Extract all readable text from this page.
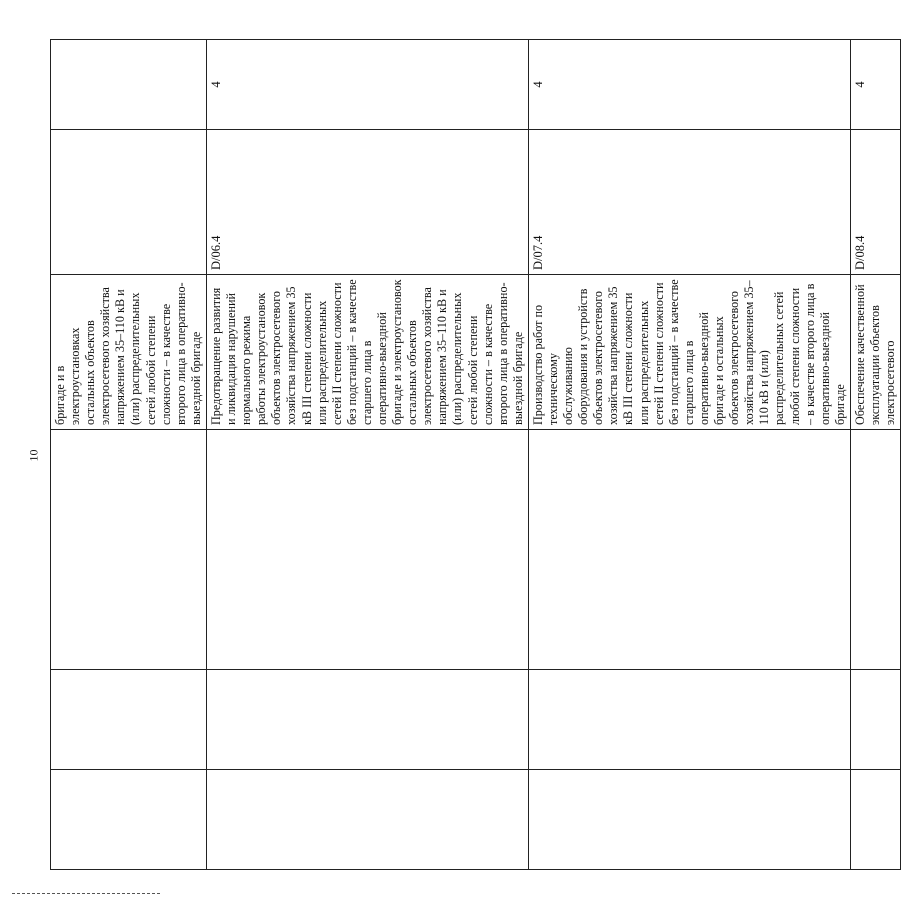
10

			бригаде и в электроустановках остальных объектов электросетевого хозяйства напряжением 35–110 кВ и (или) распределительных сетей любой степени сложности – в качестве второго лица в оперативно-выездной бригаде		

			Предотвращение развития и ликвидация нарушений нормального режима работы электроустановок объектов электросетевого хозяйства напряжением 35 кВ III степени сложности или распределительных сетей II степени сложности без подстанций – в качестве старшего лица в оперативно-выездной бригаде и электроустановок остальных объектов электросетевого хозяйства напряжением 35–110 кВ и (или) распределительных сетей любой степени сложности – в качестве второго лица в оперативно-выездной бригаде	D/06.4	4

			Производство работ по техническому обслуживанию оборудования и устройств объектов электросетевого хозяйства напряжением 35 кВ III степени сложности или распределительных сетей II степени сложности без подстанций – в качестве старшего лица в оперативно-выездной бригаде и остальных объектов электросетевого хозяйства напряжением 35–110 кВ и (или) распределительных сетей любой степени сложности – в качестве второго лица в оперативно-выездной бригаде	D/07.4	4

			Обеспечение качественной эксплуатации объектов электросетевого	D/08.4	4
